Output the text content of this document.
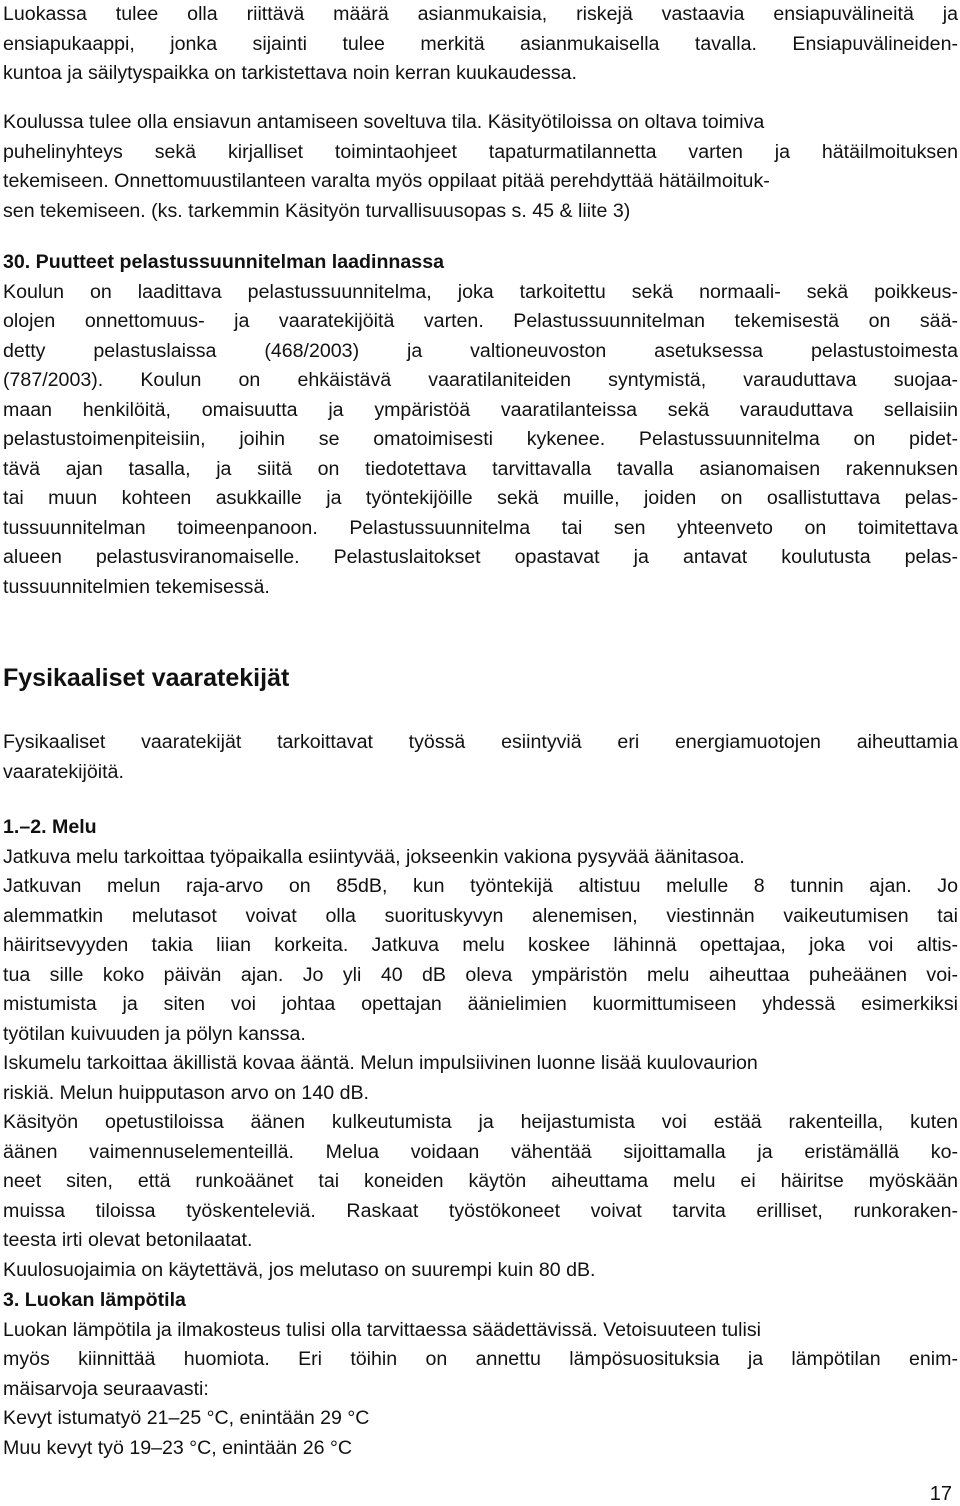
Luokassa tulee olla riittävä määrä asianmukaisia, riskejä vastaavia ensiapuvälineitä ja
ensiapukaappi, jonka sijainti tulee merkitä asianmukaisella tavalla. Ensiapuvälineiden-
kuntoa ja säilytyspaikka on tarkistettava noin kerran kuukaudessa.
Koulussa tulee olla ensiavun antamiseen soveltuva tila. Käsityötiloissa on oltava toimiva
puhelinyhteys sekä kirjalliset toimintaohjeet tapaturmatilannetta varten ja hätäilmoituksen
tekemiseen. Onnettomuustilanteen varalta myös oppilaat pitää perehdyttää hätäilmoituk-
sen tekemiseen. (ks. tarkemmin Käsityön turvallisuusopas s. 45 & liite 3)
30. Puutteet pelastussuunnitelman laadinnassa
Koulun on laadittava pelastussuunnitelma, joka tarkoitettu sekä normaali- sekä poikkeus-
olojen onnettomuus- ja vaaratekijöitä varten. Pelastussuunnitelman tekemisestä on sää-
detty pelastuslaissa (468/2003) ja valtioneuvoston asetuksessa pelastustoimesta
(787/2003). Koulun on ehkäistävä vaaratilaniteiden syntymistä, varauduttava suojaa-
maan henkilöitä, omaisuutta ja ympäristöä vaaratilanteissa sekä varauduttava sellaisiin
pelastustoimenpiteisiin, joihin se omatoimisesti kykenee. Pelastussuunnitelma on pidet-
tävä ajan tasalla, ja siitä on tiedotettava tarvittavalla tavalla asianomaisen rakennuksen
tai muun kohteen asukkaille ja työntekijöille sekä muille, joiden on osallistuttava pelas-
tussuunnitelman toimeenpanoon. Pelastussuunnitelma tai sen yhteenveto on toimitettava
alueen pelastusviranomaiselle. Pelastuslaitokset opastavat ja antavat koulutusta pelas-
tussuunnitelmien tekemisessä.
Fysikaaliset vaaratekijät
Fysikaaliset vaaratekijät tarkoittavat työssä esiintyviä eri energiamuotojen aiheuttamia
vaaratekijöitä.
1.–2. Melu
Jatkuva melu tarkoittaa työpaikalla esiintyvää, jokseenkin vakiona pysyvää äänitasoa.
Jatkuvan melun raja-arvo on 85dB, kun työntekijä altistuu melulle 8 tunnin ajan. Jo
alemmatkin melutasot voivat olla suorituskyvyn alenemisen, viestinnän vaikeutumisen tai
häiritsevyyden takia liian korkeita. Jatkuva melu koskee lähinnä opettajaa, joka voi altis-
tua sille koko päivän ajan. Jo yli 40 dB oleva ympäristön melu aiheuttaa puheäänen voi-
mistumista ja siten voi johtaa opettajan äänielimien kuormittumiseen yhdessä esimerkiksi
työtilan kuivuuden ja pölyn kanssa.
Iskumelu tarkoittaa äkillistä kovaa ääntä. Melun impulsiivinen luonne lisää kuulovaurion
riskiä. Melun huipputason arvo on 140 dB.
Käsityön opetustiloissa äänen kulkeutumista ja heijastumista voi estää rakenteilla, kuten
äänen vaimennuselementeillä. Melua voidaan vähentää sijoittamalla ja eristämällä ko-
neet siten, että runkoäänet tai koneiden käytön aiheuttama melu ei häiritse myöskään
muissa tiloissa työskenteleviä. Raskaat työstökoneet voivat tarvita erilliset, runkoraken-
teesta irti olevat betonilaatat.
Kuulosuojaimia on käytettävä, jos melutaso on suurempi kuin 80 dB.
3. Luokan lämpötila
Luokan lämpötila ja ilmakosteus tulisi olla tarvittaessa säädettävissä. Vetoisuuteen tulisi
myös kiinnittää huomiota. Eri töihin on annettu lämpösuosituksia ja lämpötilan enim-
mäisarvoja seuraavasti:
Kevyt istumatyö 21–25 °C, enintään 29 °C
Muu kevyt työ 19–23 °C, enintään 26 °C
17
